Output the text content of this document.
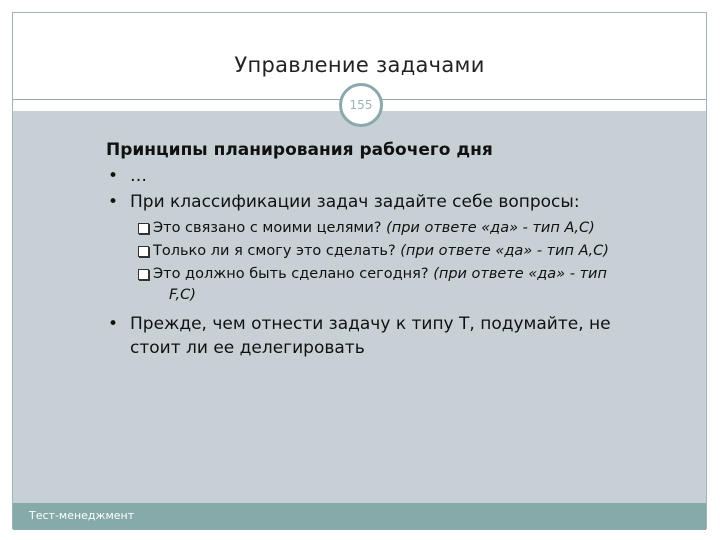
Управление задачами
Тест-менеджмент
155
Принципы планирования рабочего дня
• …
• При классификации задач задайте себе вопросы:
Это связано с моими целями? (при ответе «да» - тип А,С)
Только ли я смогу это сделать? (при ответе «да» - тип А,С)
Это должно быть сделано сегодня? (при ответе «да» - тип
F,C)
• Прежде, чем отнести задачу к типу Т, подумайте, не
стоит ли ее делегировать
